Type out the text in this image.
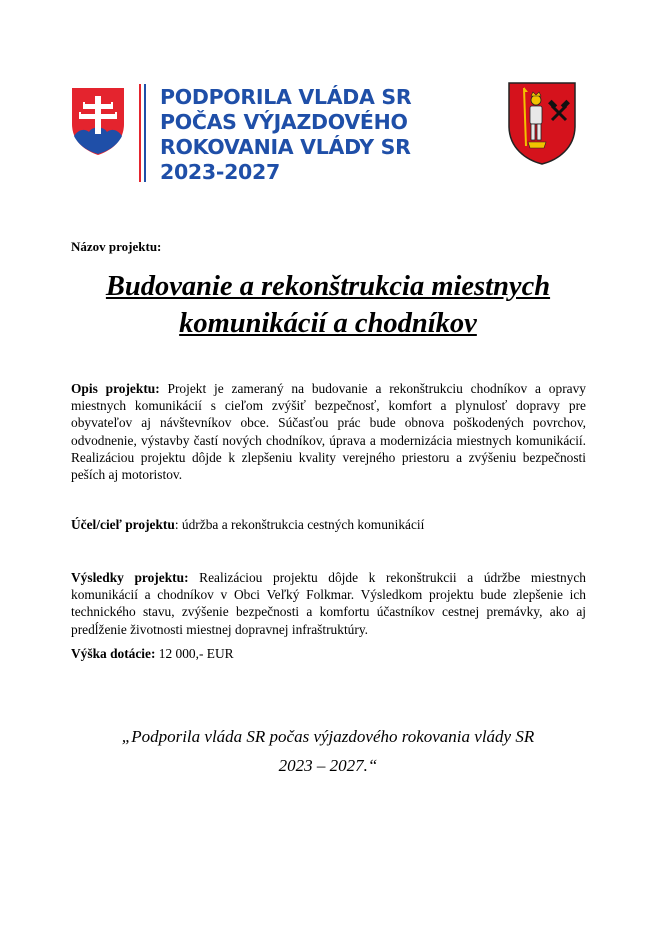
PODPORILA VLÁDA SR
POČAS VÝJAZDOVÉHO
ROKOVANIA VLÁDY SR
2023-2027
Názov projektu:
Budovanie a rekonštrukcia miestnych
komunikácií a chodníkov
Opis projektu: Projekt je zameraný na budovanie a rekonštrukciu chodníkov a opravy miestnych komunikácií s cieľom zvýšiť bezpečnosť, komfort a plynulosť dopravy pre obyvateľov aj návštevníkov obce. Súčasťou prác bude obnova poškodených povrchov, odvodnenie, výstavby častí nových chodníkov, úprava a modernizácia miestnych komunikácií. Realizáciou projektu dôjde k zlepšeniu kvality verejného priestoru a zvýšeniu bezpečnosti peších aj motoristov.
Účel/cieľ projektu: údržba a rekonštrukcia cestných komunikácií
Výsledky projektu: Realizáciou projektu dôjde k rekonštrukcii a údržbe miestnych komunikácií a chodníkov v Obci Veľký Folkmar. Výsledkom projektu bude zlepšenie ich technického stavu, zvýšenie bezpečnosti a komfortu účastníkov cestnej premávky, ako aj predĺženie životnosti miestnej dopravnej infraštruktúry.
Výška dotácie: 12 000,- EUR
„Podporila vláda SR počas výjazdového rokovania vlády SR
2023 – 2027.“
